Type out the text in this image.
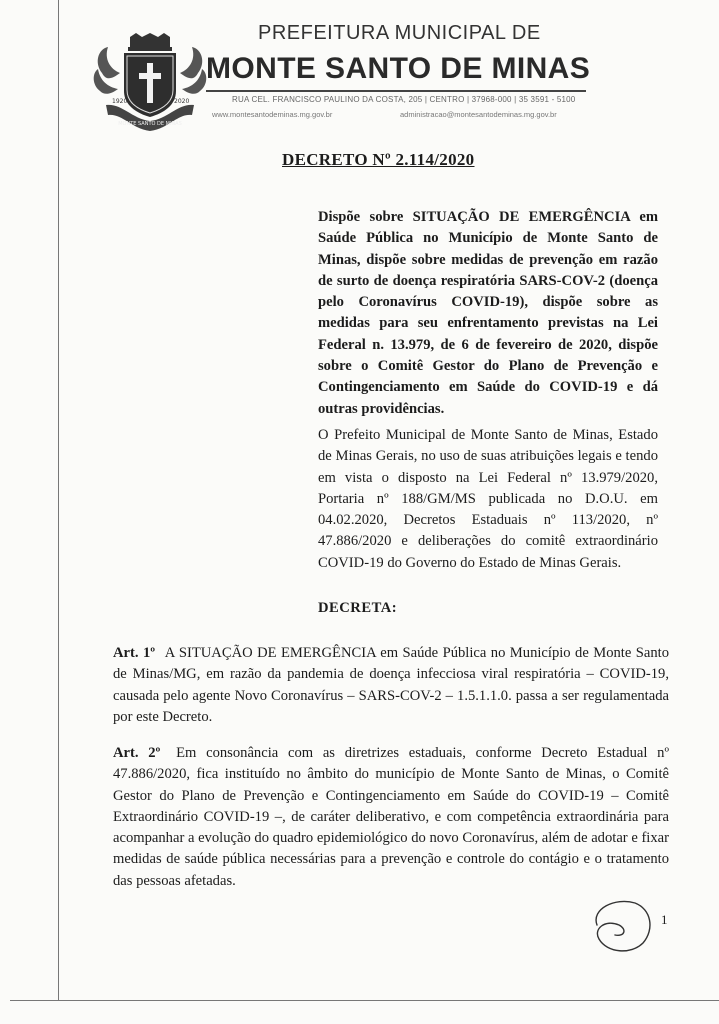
1920	2020
MONTE SANTO DE MINAS

PREFEITURA MUNICIPAL DE

MONTE SANTO DE MINAS

RUA CEL. FRANCISCO PAULINO DA COSTA, 205 | CENTRO | 37968-000 | 35 3591 - 5100
www.montesantodeminas.mg.gov.br	administracao@montesantodeminas.mg.gov.br
DECRETO Nº 2.114/2020

Dispõe sobre SITUAÇÃO DE EMERGÊNCIA em Saúde Pública no Município de Monte Santo de Minas, dispõe sobre medidas de prevenção em razão de surto de doença respiratória SARS-COV-2 (doença pelo Coronavírus COVID-19), dispõe sobre as medidas para seu enfrentamento previstas na Lei Federal n. 13.979, de 6 de fevereiro de 2020, dispõe sobre o Comitê Gestor do Plano de Prevenção e Contingenciamento em Saúde do COVID-19 e dá outras providências.

O Prefeito Municipal de Monte Santo de Minas, Estado de Minas Gerais, no uso de suas atribuições legais e tendo em vista o disposto na Lei Federal nº 13.979/2020, Portaria nº 188/GM/MS publicada no D.O.U. em 04.02.2020, Decretos Estaduais nº 113/2020, nº 47.886/2020 e deliberações do comitê extraordinário COVID-19 do Governo do Estado de Minas Gerais.

DECRETA:

Art. 1º A SITUAÇÃO DE EMERGÊNCIA em Saúde Pública no Município de Monte Santo de Minas/MG, em razão da pandemia de doença infecciosa viral respiratória – COVID-19, causada pelo agente Novo Coronavírus – SARS-COV-2 – 1.5.1.1.0. passa a ser regulamentada por este Decreto.

Art. 2º Em consonância com as diretrizes estaduais, conforme Decreto Estadual nº 47.886/2020, fica instituído no âmbito do município de Monte Santo de Minas, o Comitê Gestor do Plano de Prevenção e Contingenciamento em Saúde do COVID-19 – Comitê Extraordinário COVID-19 –, de caráter deliberativo, e com competência extraordinária para acompanhar a evolução do quadro epidemiológico do novo Coronavírus, além de adotar e fixar medidas de saúde pública necessárias para a prevenção e controle do contágio e o tratamento das pessoas afetadas.

1
